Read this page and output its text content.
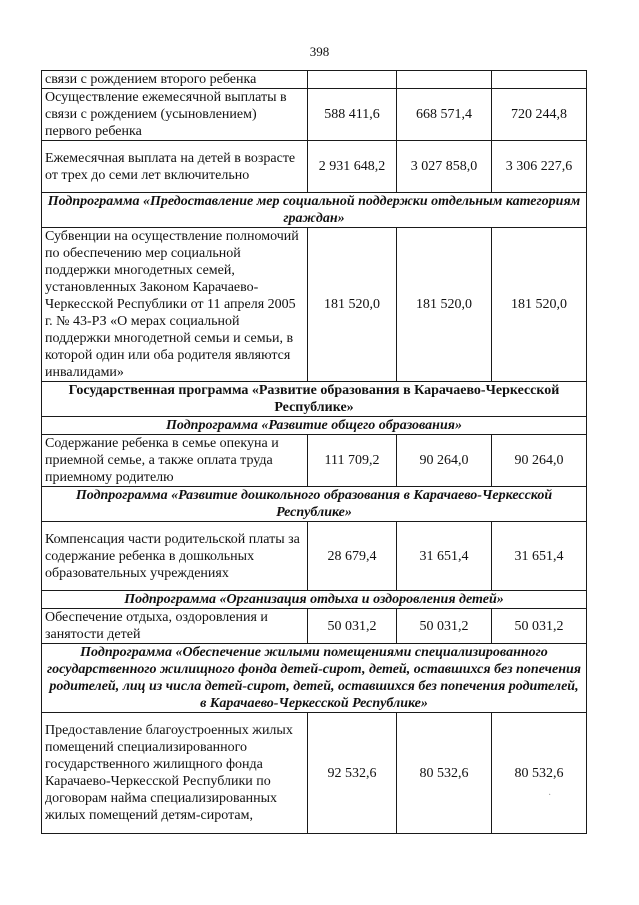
398
связи с рождением второго ребенка			
Осуществление ежемесячной выплаты в связи с рождением (усыновлением) первого ребенка	588 411,6	668 571,4	720 244,8
Ежемесячная выплата на детей в возрасте от трех до семи лет включительно	2 931 648,2	3 027 858,0	3 306 227,6
Подпрограмма «Предоставление мер социальной поддержки отдельным категориям граждан»			
Субвенции на осуществление полномочий по обеспечению мер социальной поддержки многодетных семей, установленных Законом Карачаево-Черкесской Республики от 11 апреля 2005 г. № 43-РЗ «О мерах социальной поддержки многодетной семьи и семьи, в которой один или оба родителя являются инвалидами»	181 520,0	181 520,0	181 520,0
Государственная программа «Развитие образования в Карачаево-Черкесской Республике»			
Подпрограмма «Развитие общего образования»			
Содержание ребенка в семье опекуна и приемной семье, а также оплата труда приемному родителю	111 709,2	90 264,0	90 264,0
Подпрограмма «Развитие дошкольного образования в Карачаево-Черкесской Республике»			
Компенсация части родительской платы за содержание ребенка в дошкольных образовательных учреждениях	28 679,4	31 651,4	31 651,4
Подпрограмма «Организация отдыха и оздоровления детей»			
Обеспечение отдыха, оздоровления и занятости детей	50 031,2	50 031,2	50 031,2
Подпрограмма «Обеспечение жилыми помещениями специализированного государственного жилищного фонда детей-сирот, детей, оставшихся без попечения родителей, лиц из числа детей-сирот, детей, оставшихся без попечения родителей, в Карачаево-Черкесской Республике»			
Предоставление благоустроенных жилых помещений специализированного государственного жилищного фонда Карачаево-Черкесской Республики по договорам найма специализированных жилых помещений детям-сиротам,	92 532,6	80 532,6	80 532,6
·
